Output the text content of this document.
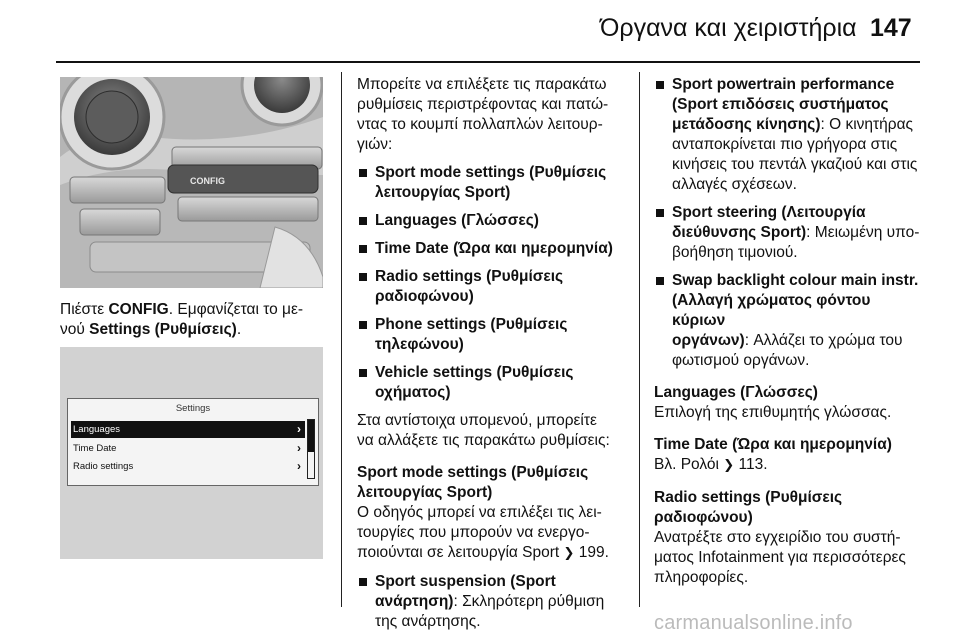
Όργανα και χειριστήρια 147
CONFIG
Πιέστε CONFIG. Εμφανίζεται το με-
νού Settings (Ρυθμίσεις).
Settings
Languages	›
Time Date	›
Radio settings	›

Μπορείτε να επιλέξετε τις παρακάτω
ρυθμίσεις περιστρέφοντας και πατώ-
ντας το κουμπί πολλαπλών λειτουρ-
γιών:

Sport mode settings (Ρυθμίσεις
λειτουργίας Sport)
Languages (Γλώσσες)
Time Date (Ώρα και ημερομηνία)
Radio settings (Ρυθμίσεις
ραδιοφώνου)
Phone settings (Ρυθμίσεις
τηλεφώνου)
Vehicle settings (Ρυθμίσεις
οχήματος)

Στα αντίστοιχα υπομενού, μπορείτε
να αλλάξετε τις παρακάτω ρυθμίσεις:

Sport mode settings (Ρυθμίσεις
λειτουργίας Sport)

Ο οδηγός μπορεί να επιλέξει τις λει-
τουργίες που μπορούν να ενεργο-
ποιούνται σε λειτουργία Sport ❯ 199.

Sport suspension (Sport
ανάρτηση): Σκληρότερη ρύθμιση
της ανάρτησης.
Sport powertrain performance
(Sport επιδόσεις συστήματος
μετάδοσης κίνησης): Ο κινητήρας
ανταποκρίνεται πιο γρήγορα στις
κινήσεις του πεντάλ γκαζιού και στις
αλλαγές σχέσεων.
Sport steering (Λειτουργία
διεύθυνσης Sport): Μειωμένη υπο-
βοήθηση τιμονιού.
Swap backlight colour main instr.
(Αλλαγή χρώματος φόντου κύριων
οργάνων): Αλλάζει το χρώμα του
φωτισμού οργάνων.
Languages (Γλώσσες)

Επιλογή της επιθυμητής γλώσσας.

Time Date (Ώρα και ημερομηνία)

Βλ. Ρολόι ❯ 113.

Radio settings (Ρυθμίσεις
ραδιοφώνου)

Ανατρέξτε στο εγχειρίδιο του συστή-
ματος Infotainment για περισσότερες
πληροφορίες.

carmanualsonline.info
